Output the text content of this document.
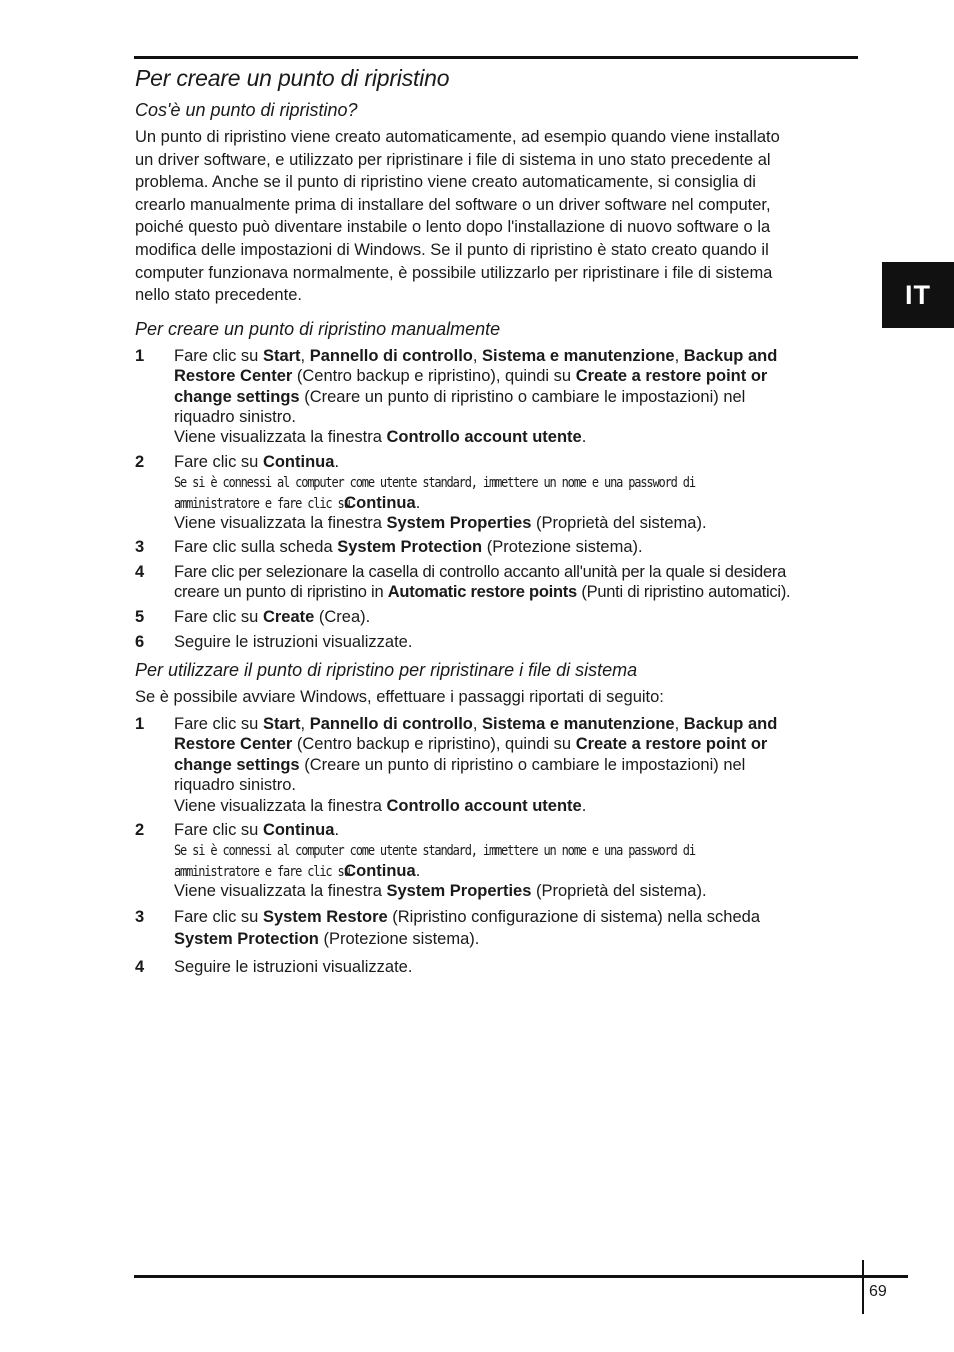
IT
Per creare un punto di ripristino
Cos'è un punto di ripristino?

Un punto di ripristino viene creato automaticamente, ad esempio quando viene installato
un driver software, e utilizzato per ripristinare i file di sistema in uno stato precedente al
problema. Anche se il punto di ripristino viene creato automaticamente, si consiglia di
crearlo manualmente prima di installare del software o un driver software nel computer,
poiché questo può diventare instabile o lento dopo l'installazione di nuovo software o la
modifica delle impostazioni di Windows. Se il punto di ripristino è stato creato quando il
computer funzionava normalmente, è possibile utilizzarlo per ripristinare i file di sistema
nello stato precedente.

Per creare un punto di ripristino manualmente
1 Fare clic su Start, Pannello di controllo, Sistema e manutenzione, Backup and
Restore Center (Centro backup e ripristino), quindi su Create a restore point or
change settings (Creare un punto di ripristino o cambiare le impostazioni) nel
riquadro sinistro.
Viene visualizzata la finestra Controllo account utente.
2 Fare clic su Continua.

Se si è connessi al computer come utente standard, immettere un nome e una password di
amministratore e fare clic suContinua.
Viene visualizzata la finestra System Properties (Proprietà del sistema).
3 Fare clic sulla scheda System Protection (Protezione sistema).
4 Fare clic per selezionare la casella di controllo accanto all'unità per la quale si desidera
creare un punto di ripristino in Automatic restore points (Punti di ripristino automatici).
5 Fare clic su Create (Crea).
6 Seguire le istruzioni visualizzate.
Per utilizzare il punto di ripristino per ripristinare i file di sistema

Se è possibile avviare Windows, effettuare i passaggi riportati di seguito:

1 Fare clic su Start, Pannello di controllo, Sistema e manutenzione, Backup and
Restore Center (Centro backup e ripristino), quindi su Create a restore point or
change settings (Creare un punto di ripristino o cambiare le impostazioni) nel
riquadro sinistro.
Viene visualizzata la finestra Controllo account utente.
2 Fare clic su Continua.

Se si è connessi al computer come utente standard, immettere un nome e una password di
amministratore e fare clic suContinua.
Viene visualizzata la finestra System Properties (Proprietà del sistema).
3 Fare clic su System Restore (Ripristino configurazione di sistema) nella scheda
System Protection (Protezione sistema).
4 Seguire le istruzioni visualizzate.
69
